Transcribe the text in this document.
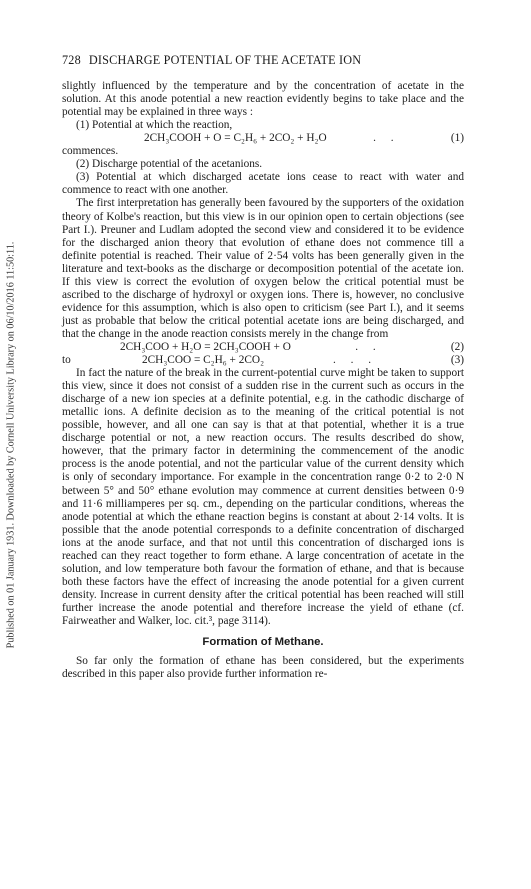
Published on 01 January 1931. Downloaded by Cornell University Library on 06/10/2016 11:50:11.
728 DISCHARGE POTENTIAL OF THE ACETATE ION

slightly influenced by the temperature and by the concentration of acetate in the solution. At this anode potential a new reaction evidently begins to take place and the potential may be explained in three ways :

(1) Potential at which the reaction,

2CH₃COOH + O = C₂H₆ + 2CO₂ + H₂O	. .	(1)

commences.

(2) Discharge potential of the acetanions.

(3) Potential at which discharged acetate ions cease to react with water and commence to react with one another.

The first interpretation has generally been favoured by the supporters of the oxidation theory of Kolbe's reaction, but this view is in our opinion open to certain objections (see Part I.). Preuner and Ludlam adopted the second view and considered it to be evidence for the discharged anion theory that evolution of ethane does not commence till a definite potential is reached. Their value of 2·54 volts has been generally given in the literature and text-books as the discharge or decomposition potential of the acetate ion. If this view is correct the evolution of oxygen below the critical potential must be ascribed to the discharge of hydroxyl or oxygen ions. There is, however, no conclusive evidence for this assumption, which is also open to criticism (see Part I.), and it seems just as probable that below the critical potential acetate ions are being discharged, and that the change in the anode reaction consists merely in the change from

2CH₃COO + H₂O = 2CH₃COOH + O	. .	(2)
to	2CH₃COO = C₂H₆ + 2CO₂	. . .	(3)

In fact the nature of the break in the current-potential curve might be taken to support this view, since it does not consist of a sudden rise in the current such as occurs in the discharge of a new ion species at a definite potential, e.g. in the cathodic discharge of metallic ions. A definite decision as to the meaning of the critical potential is not possible, however, and all one can say is that at that potential, whether it is a true discharge potential or not, a new reaction occurs. The results described do show, however, that the primary factor in determining the commencement of the anodic process is the anode potential, and not the particular value of the current density which is only of secondary importance. For example in the concentration range 0·2 to 2·0 N between 5° and 50° ethane evolution may commence at current densities between 0·9 and 11·6 milliamperes per sq. cm., depending on the particular conditions, whereas the anode potential at which the ethane reaction begins is constant at about 2·14 volts. It is possible that the anode potential corresponds to a definite concentration of discharged ions at the anode surface, and that not until this concentration of discharged ions is reached can they react together to form ethane. A large concentration of acetate in the solution, and low temperature both favour the formation of ethane, and that is because both these factors have the effect of increasing the anode potential for a given current density. Increase in current density after the critical potential has been reached will still further increase the anode potential and therefore increase the yield of ethane (cf. Fairweather and Walker, loc. cit.³, page 3114).

Formation of Methane.

So far only the formation of ethane has been considered, but the experiments described in this paper also provide further information re-
